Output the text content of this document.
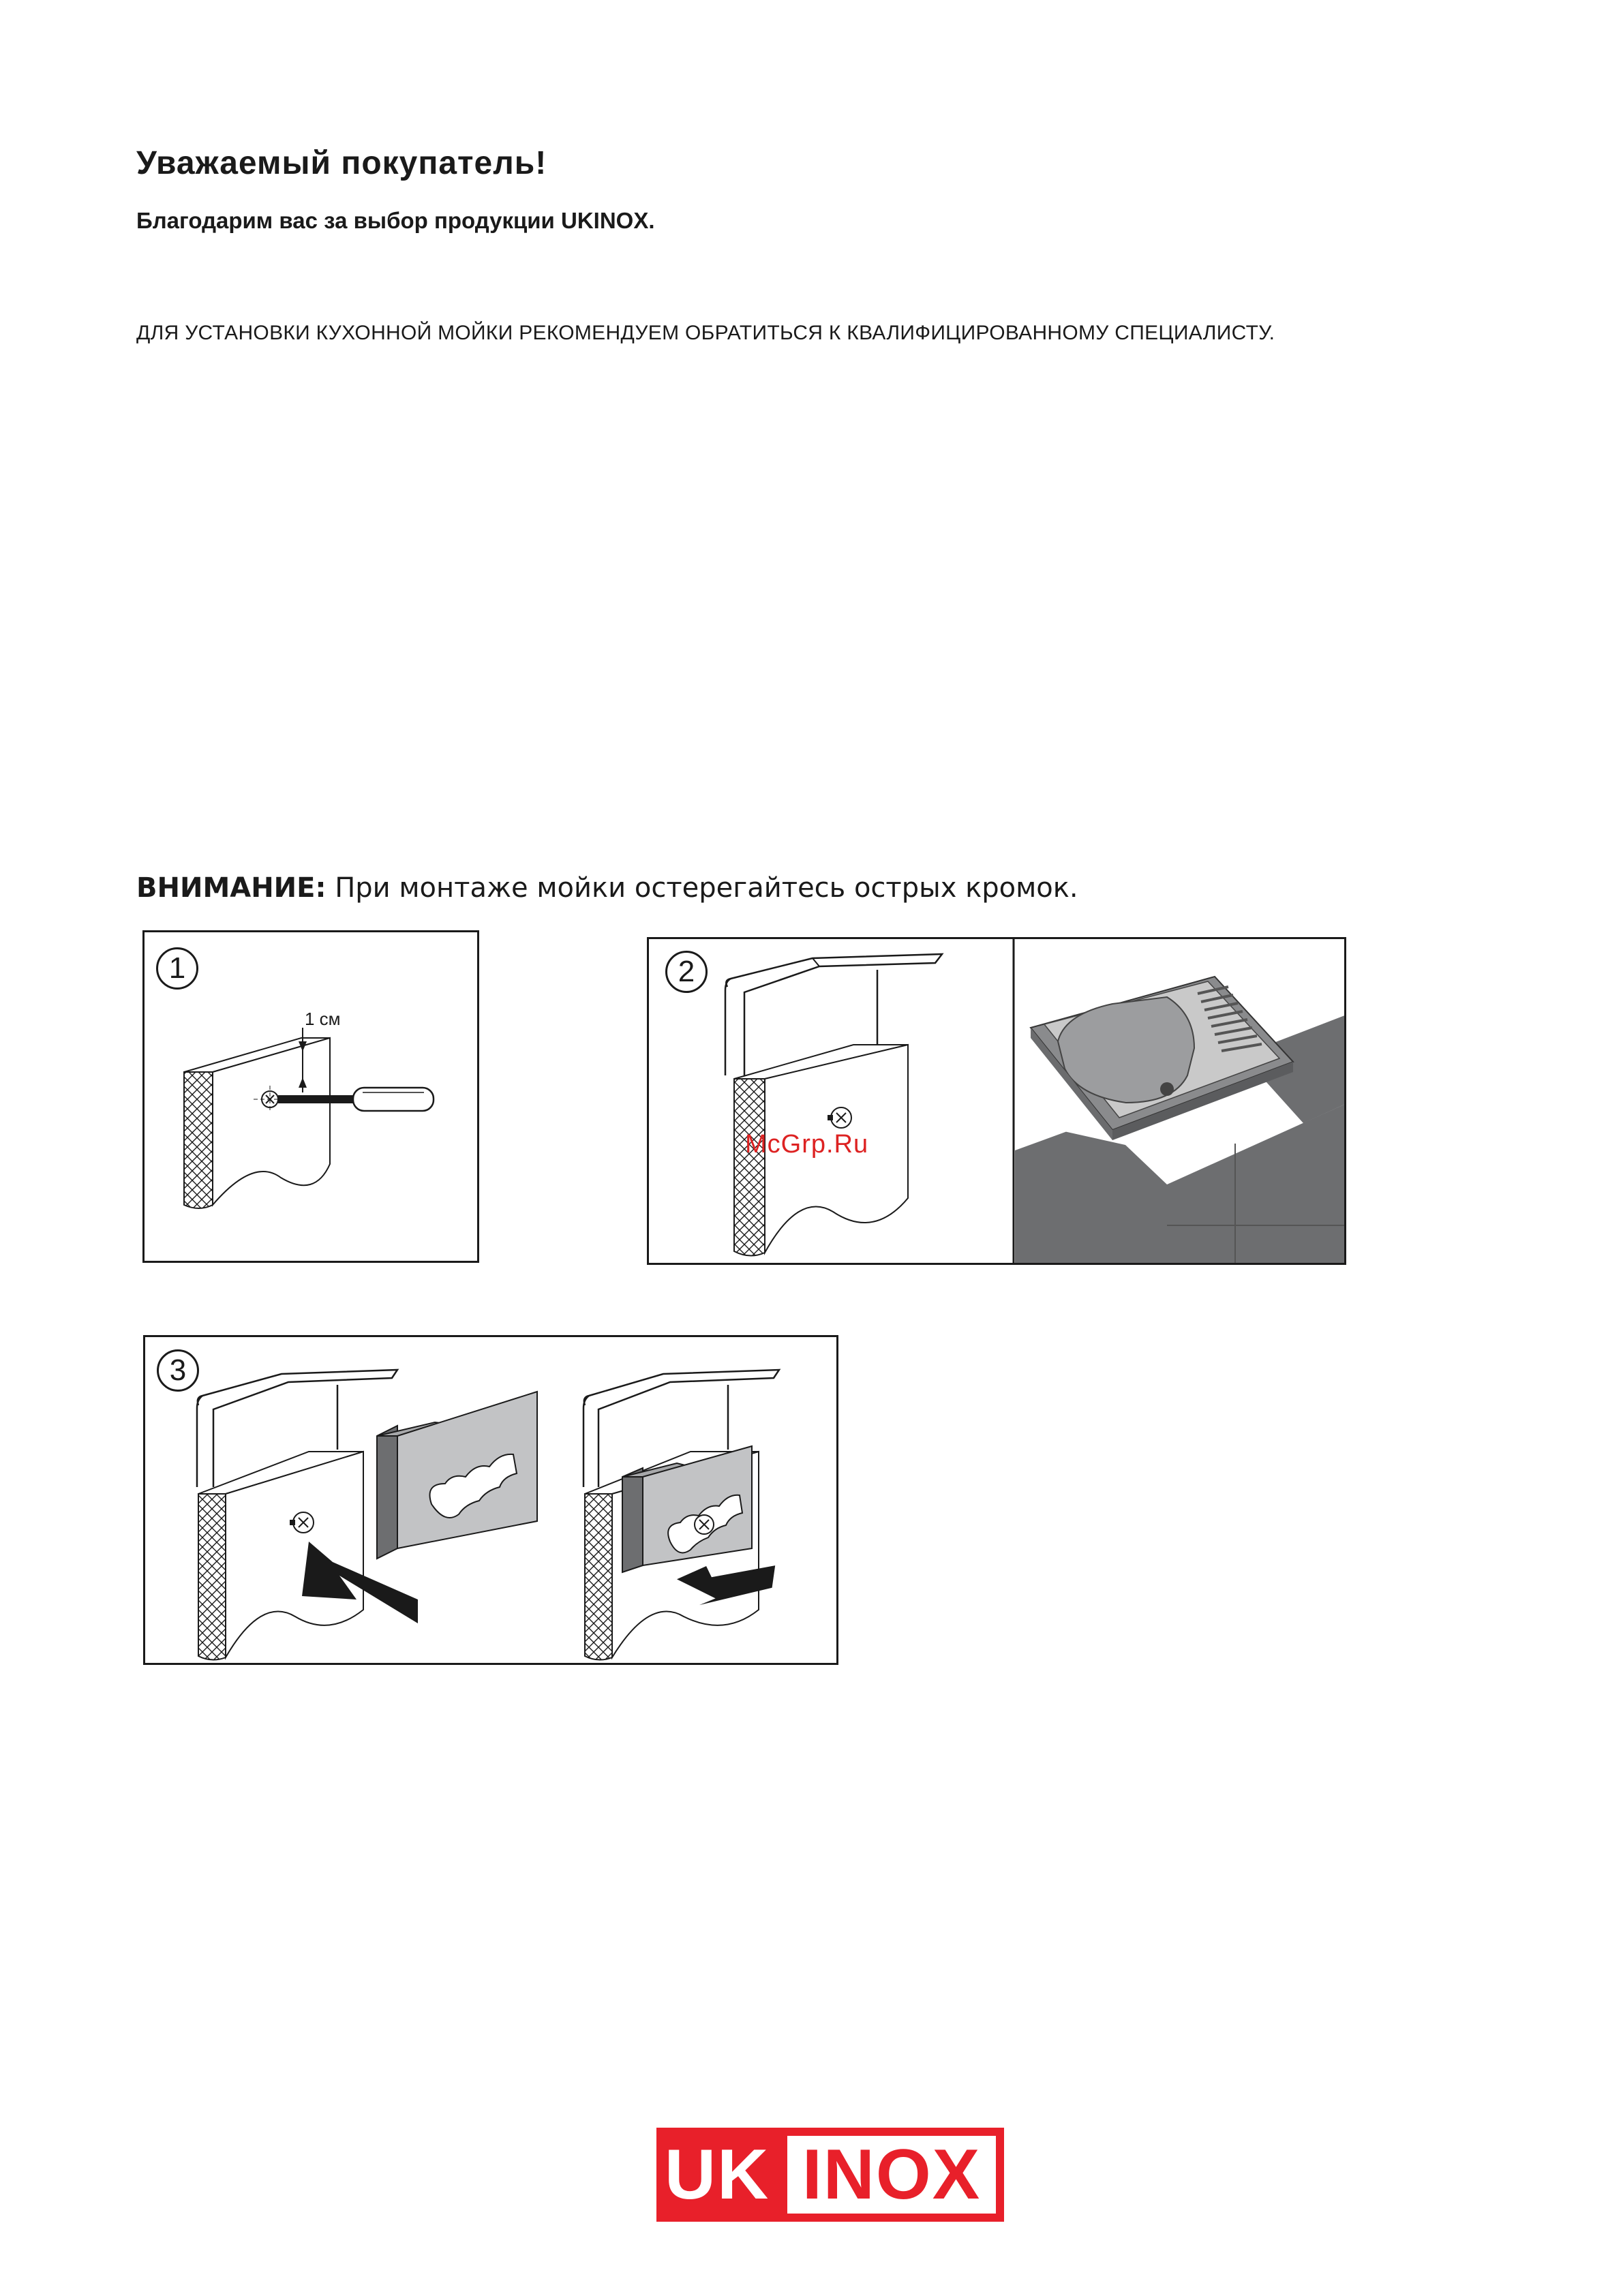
Уважаемый покупатель!
Благодарим вас за выбор продукции UKINOX.
ДЛЯ УСТАНОВКИ КУХОННОЙ МОЙКИ РЕКОМЕНДУЕМ ОБРАТИТЬСЯ К КВАЛИФИЦИРОВАННОМУ СПЕЦИАЛИСТУ.
ВНИМАНИЕ: При монтаже мойки остерегайтесь острых кромок.
1
1 см
2
McGrp.Ru
3
UK INOX
